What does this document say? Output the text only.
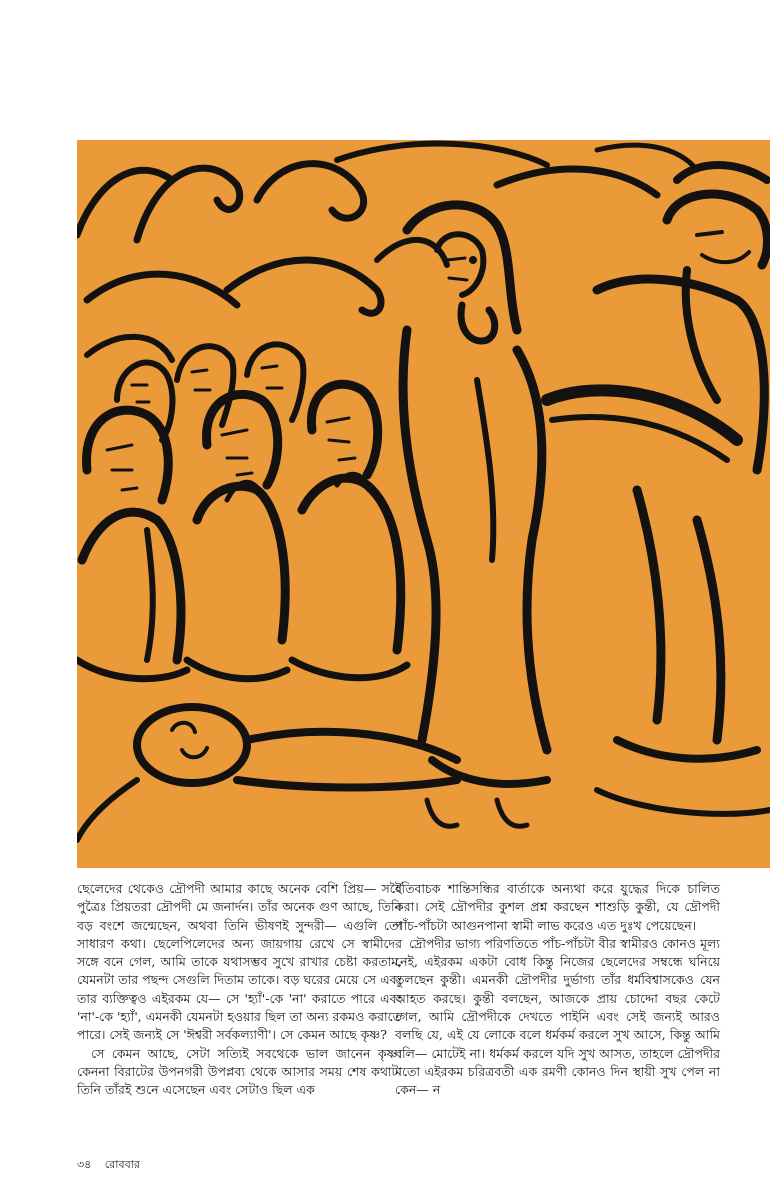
ছেলেদের থেকেও দ্রৌপদী আমার কাছে অনেক বেশি প্রিয়— সর্বৈ পুত্রৈঃ প্রিয়তরা দ্রৌপদী মে জনার্দন। তাঁর অনেক গুণ আছে, তিনি বড় বংশে জন্মেছেন, অথবা তিনি ভীষণই সুন্দরী— এগুলি তো সাধারণ কথা। ছেলেপিলেদের অন্য জায়গায় রেখে সে স্বামীদের সঙ্গে বনে গেল, আমি তাকে যথাসম্ভব সুখে রাখার চেষ্টা করতাম, যেমনটা তার পছন্দ সেগুলি দিতাম তাকে। বড় ঘরের মেয়ে সে এবং তার ব্যক্তিত্বও এইরকম যে— সে 'হ্যাঁ'-কে 'না' করাতে পারে এবং 'না'-কে 'হ্যাঁ', এমনকী যেমনটা হওয়ার ছিল তা অন্য রকমও করাতে পারে। সেই জন্যই সে 'ঈশ্বরী সর্বকল্যাণী'। সে কেমন আছে কৃষ্ণ?

সে কেমন আছে, সেটা সত্যিই সবথেকে ভাল জানেন কৃষ্ণ। কেননা বিরাটের উপনগরী উপপ্লব্য থেকে আসার সময় শেষ কথাটা তিনি তাঁরই শুনে এসেছেন এবং সেটাও ছিল এক

ইতিবাচক শান্তিসন্ধির বার্তাকে অন্যথা করে যুদ্ধের দিকে চালিত করা। সেই দ্রৌপদীর কুশল প্রশ্ন করছেন শাশুড়ি কুন্তী, যে দ্রৌপদী পাঁচ-পাঁচটা আগুনপানা স্বামী লাভ করেও এত দুঃখ পেয়েছেন।

দ্রৌপদীর ভাগ্য পরিণতিতে পাঁচ-পাঁচটা বীর স্বামীরও কোনও মূল্য নেই, এইরকম একটা বোধ কিন্তু নিজের ছেলেদের সম্বন্ধে ঘনিয়ে তুলছেন কুন্তী। এমনকী দ্রৌপদীর দুর্ভাগ্য তাঁর ধর্মবিশ্বাসকেও যেন আহত করছে। কুন্তী বলছেন, আজকে প্রায় চোদ্দো বছর কেটে গেল, আমি দ্রৌপদীকে দেখতে পাইনি এবং সেই জন্যই আরও বলছি যে, এই যে লোকে বলে ধর্মকর্ম করলে সুখ আসে, কিন্তু আমি বলি— মোটেই না। ধর্মকর্ম করলে যদি সুখ আসত, তাহলে দ্রৌপদীর মতো এইরকম চরিত্রবতী এক রমণী কোনও দিন স্থায়ী সুখ পেল না কেন— ন

৩৪ রোববার
